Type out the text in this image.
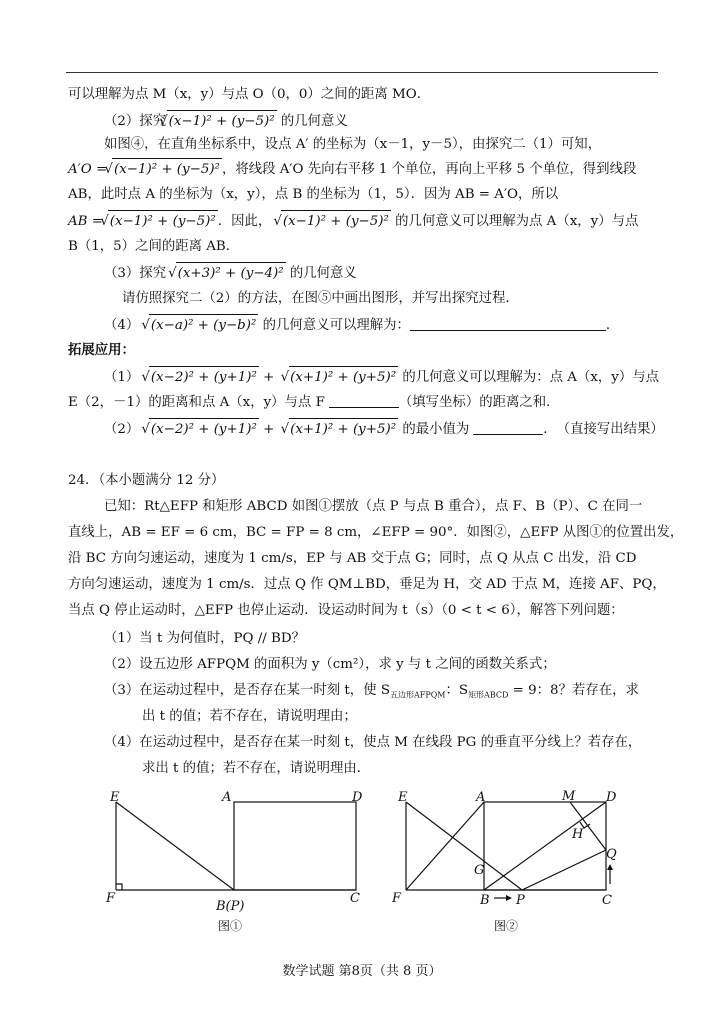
可以理解为点 M（x，y）与点 O（0，0）之间的距离 MO．
（2）探究 √ (x−1)² + (y−5)² 的几何意义
如图④，在直角坐标系中，设点 A′ 的坐标为（x－1，y－5），由探究二（1）可知，
A′O = √ (x−1)² + (y−5)² ，将线段 A′O 先向右平移 1 个单位，再向上平移 5 个单位，得到线段
AB，此时点 A 的坐标为（x，y），点 B 的坐标为（1，5）．因为 AB = A′O，所以
AB = √ (x−1)² + (y−5)² ．因此， √ (x−1)² + (y−5)² 的几何意义可以理解为点 A（x，y）与点
B（1，5）之间的距离 AB．
（3）探究 √ (x+3)² + (y−4)² 的几何意义
请仿照探究二（2）的方法，在图⑤中画出图形，并写出探究过程．
（4） √ (x−a)² + (y−b)² 的几何意义可以理解为：	．
拓展应用：
（1） √ (x−2)² + (y+1)² + √ (x+1)² + (y+5)² 的几何意义可以理解为：点 A（x，y）与点
E（2，－1）的距离和点 A（x，y）与点 F	（填写坐标）的距离之和．
（2） √ (x−2)² + (y+1)² + √ (x+1)² + (y+5)² 的最小值为	．　（直接写出结果）
24．（本小题满分 12 分）
已知：Rt△EFP 和矩形 ABCD 如图①摆放（点 P 与点 B 重合），点 F、B（P）、C 在同一
直线上，AB = EF = 6 cm，BC = FP = 8 cm，∠EFP = 90°．如图②，△EFP 从图①的位置出发，
沿 BC 方向匀速运动，速度为 1 cm/s，EP 与 AB 交于点 G；同时，点 Q 从点 C 出发，沿 CD
方向匀速运动，速度为 1 cm/s．过点 Q 作 QM⊥BD，垂足为 H，交 AD 于点 M，连接 AF、PQ，
当点 Q 停止运动时，△EFP 也停止运动．设运动时间为 t（s）（0 < t < 6），解答下列问题：
（1）当 t 为何值时，PQ // BD？
（2）设五边形 AFPQM 的面积为 y（cm²），求 y 与 t 之间的函数关系式；
（3）在运动过程中，是否存在某一时刻 t，使 $S_{五边形AFPQM}$：$S_{矩形ABCD} = 9$：8？若存在，求
出 t 的值；若不存在，请说明理由；
（4）在运动过程中，是否存在某一时刻 t，使点 M 在线段 PG 的垂直平分线上？若存在，
求出 t 的值；若不存在，请说明理由．
E	A	D
F
B(P)
C
图①
E	A	M D
H
Q
G
F	B P	C
图②
数学试题 第8页（共 8 页）
